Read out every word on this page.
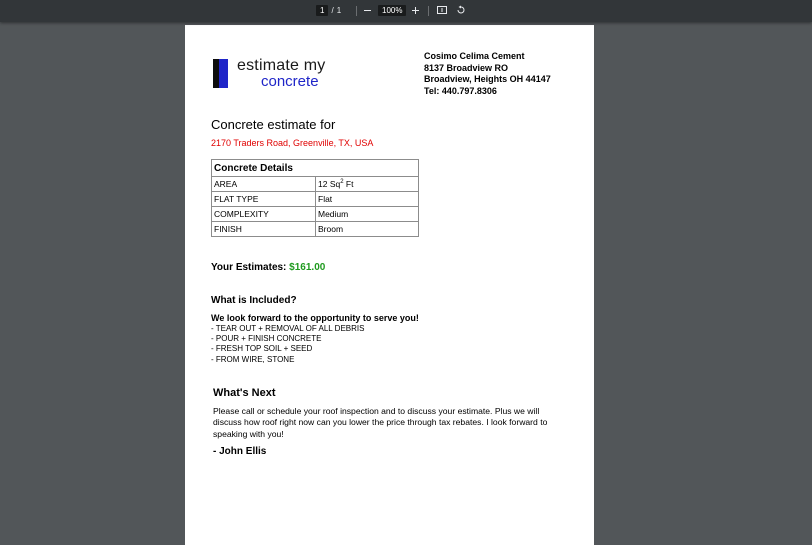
1 / 1	100%
estimate my
concrete
Cosimo Celima Cement
8137 Broadview RO
Broadview, Heights OH 44147
Tel: 440.797.8306
Concrete estimate for
2170 Traders Road, Greenville, TX, USA
Concrete Details	
AREA	12 Sq$^2$ Ft
FLAT TYPE	Flat
COMPLEXITY	Medium
FINISH	Broom
Your Estimates: $161.00
What is Included?
We look forward to the opportunity to serve you!
- TEAR OUT + REMOVAL OF ALL DEBRIS
- POUR + FINISH CONCRETE
- FRESH TOP SOIL + SEED
- FROM WIRE, STONE
What's Next
Please call or schedule your roof inspection and to discuss your estimate. Plus we will discuss how roof right now can you lower the price through tax rebates. I look forward to speaking with you!
- John Ellis
